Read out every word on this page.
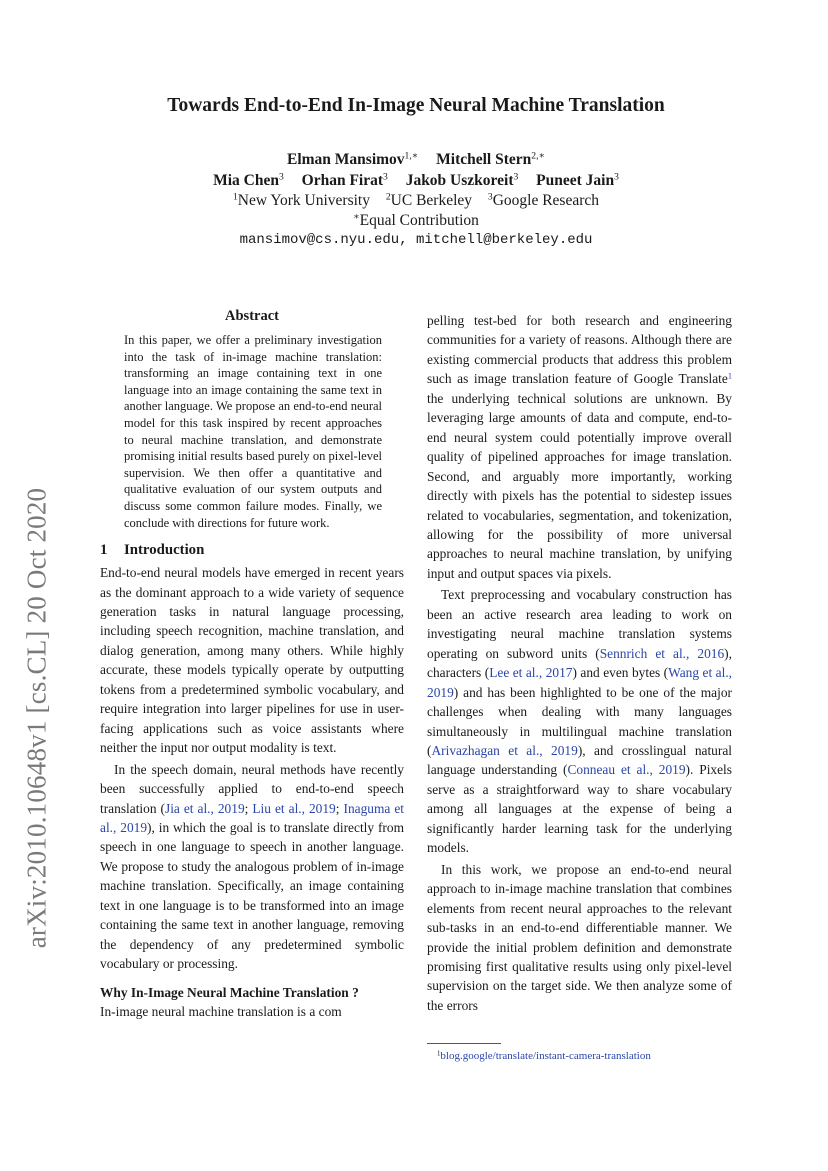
arXiv:2010.10648v1 [cs.CL] 20 Oct 2020
Towards End-to-End In-Image Neural Machine Translation
Elman Mansimov$^{1,∗}$ Mitchell Stern$^{2,∗}$
Mia Chen$^3$ Orhan Firat$^3$ Jakob Uszkoreit$^3$ Puneet Jain$^3$
$^1$New York University $^2$UC Berkeley $^3$Google Research
∗Equal Contribution
mansimov@cs.nyu.edu, mitchell@berkeley.edu
Abstract

In this paper, we offer a preliminary investigation into the task of in-image machine translation: transforming an image containing text in one language into an image containing the same text in another language. We propose an end-to-end neural model for this task inspired by recent approaches to neural machine translation, and demonstrate promising initial results based purely on pixel-level supervision. We then offer a quantitative and qualitative evaluation of our system outputs and discuss some common failure modes. Finally, we conclude with directions for future work.

1 Introduction

End-to-end neural models have emerged in recent years as the dominant approach to a wide variety of sequence generation tasks in natural language processing, including speech recognition, machine translation, and dialog generation, among many others. While highly accurate, these models typically operate by outputting tokens from a predetermined symbolic vocabulary, and require integration into larger pipelines for use in user-facing applications such as voice assistants where neither the input nor output modality is text.

In the speech domain, neural methods have recently been successfully applied to end-to-end speech translation (Jia et al., 2019; Liu et al., 2019; Inaguma et al., 2019), in which the goal is to translate directly from speech in one language to speech in another language. We propose to study the analogous problem of in-image machine translation. Specifically, an image containing text in one language is to be transformed into an image containing the same text in another language, removing the dependency of any predetermined symbolic vocabulary or processing.

Why In-Image Neural Machine Translation ?
In-image neural machine translation is a com

pelling test-bed for both research and engineering communities for a variety of reasons. Although there are existing commercial products that address this problem such as image translation feature of Google Translate$^1$ the underlying technical solutions are unknown. By leveraging large amounts of data and compute, end-to-end neural system could potentially improve overall quality of pipelined approaches for image translation. Second, and arguably more importantly, working directly with pixels has the potential to sidestep issues related to vocabularies, segmentation, and tokenization, allowing for the possibility of more universal approaches to neural machine translation, by unifying input and output spaces via pixels.

Text preprocessing and vocabulary construction has been an active research area leading to work on investigating neural machine translation systems operating on subword units (Sennrich et al., 2016), characters (Lee et al., 2017) and even bytes (Wang et al., 2019) and has been highlighted to be one of the major challenges when dealing with many languages simultaneously in multilingual machine translation (Arivazhagan et al., 2019), and crosslingual natural language understanding (Conneau et al., 2019). Pixels serve as a straightforward way to share vocabulary among all languages at the expense of being a significantly harder learning task for the underlying models.

In this work, we propose an end-to-end neural approach to in-image machine translation that combines elements from recent neural approaches to the relevant sub-tasks in an end-to-end differentiable manner. We provide the initial problem definition and demonstrate promising first qualitative results using only pixel-level supervision on the target side. We then analyze some of the errors

$^1$blog.google/translate/instant-camera-translation
